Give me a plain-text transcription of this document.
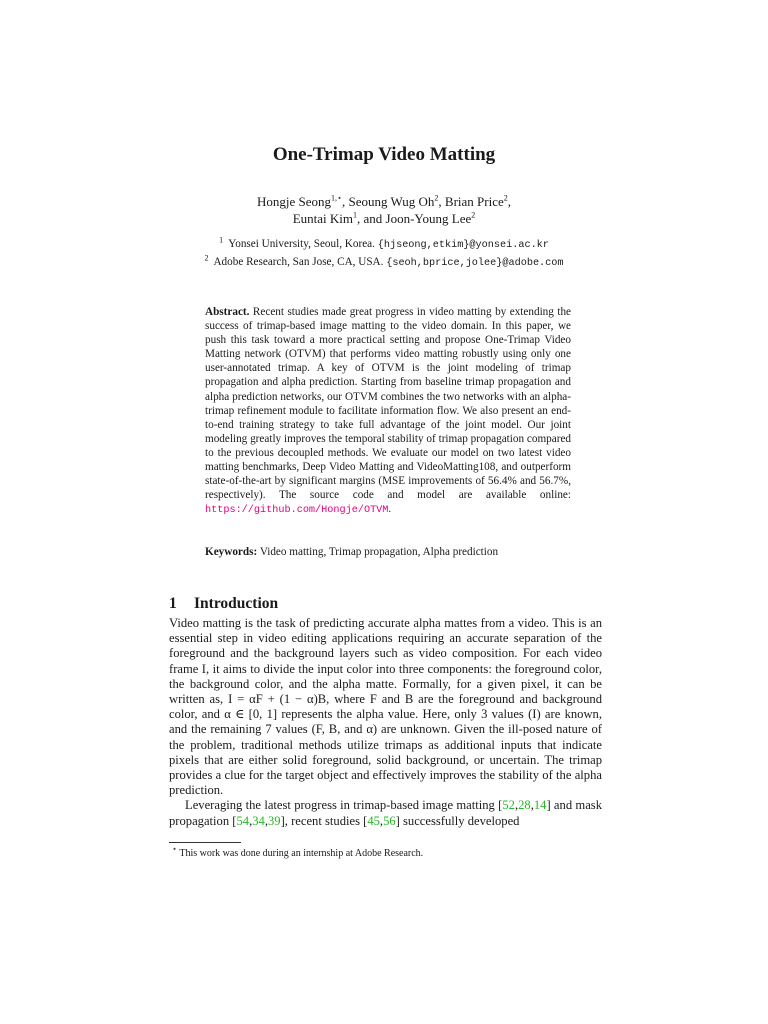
One-Trimap Video Matting
Hongje Seong$^{1,⋆}$, Seoung Wug Oh$^2$, Brian Price$^2$,
Euntai Kim$^1$, and Joon-Young Lee$^2$
$^1$ Yonsei University, Seoul, Korea. {hjseong,etkim}@yonsei.ac.kr
$^2$ Adobe Research, San Jose, CA, USA. {seoh,bprice,jolee}@adobe.com

Abstract. Recent studies made great progress in video matting by extending the success of trimap-based image matting to the video domain. In this paper, we push this task toward a more practical setting and propose One-Trimap Video Matting network (OTVM) that performs video matting robustly using only one user-annotated trimap. A key of OTVM is the joint modeling of trimap propagation and alpha prediction. Starting from baseline trimap propagation and alpha prediction networks, our OTVM combines the two networks with an alpha-trimap refinement module to facilitate information flow. We also present an end-to-end training strategy to take full advantage of the joint model. Our joint modeling greatly improves the temporal stability of trimap propagation compared to the previous decoupled methods. We evaluate our model on two latest video matting benchmarks, Deep Video Matting and VideoMatting108, and outperform state-of-the-art by significant margins (MSE improvements of 56.4% and 56.7%, respectively). The source code and model are available online: https://github.com/Hongje/OTVM.

Keywords: Video matting, Trimap propagation, Alpha prediction
1 Introduction

Video matting is the task of predicting accurate alpha mattes from a video. This is an essential step in video editing applications requiring an accurate separation of the foreground and the background layers such as video composition. For each video frame I, it aims to divide the input color into three components: the foreground color, the background color, and the alpha matte. Formally, for a given pixel, it can be written as, I = αF + (1 − α)B, where F and B are the foreground and background color, and α ∈ [0, 1] represents the alpha value. Here, only 3 values (I) are known, and the remaining 7 values (F, B, and α) are unknown. Given the ill-posed nature of the problem, traditional methods utilize trimaps as additional inputs that indicate pixels that are either solid foreground, solid background, or uncertain. The trimap provides a clue for the target object and effectively improves the stability of the alpha prediction.

Leveraging the latest progress in trimap-based image matting [52,28,14] and mask propagation [54,34,39], recent studies [45,56] successfully developed

⋆ This work was done during an internship at Adobe Research.
